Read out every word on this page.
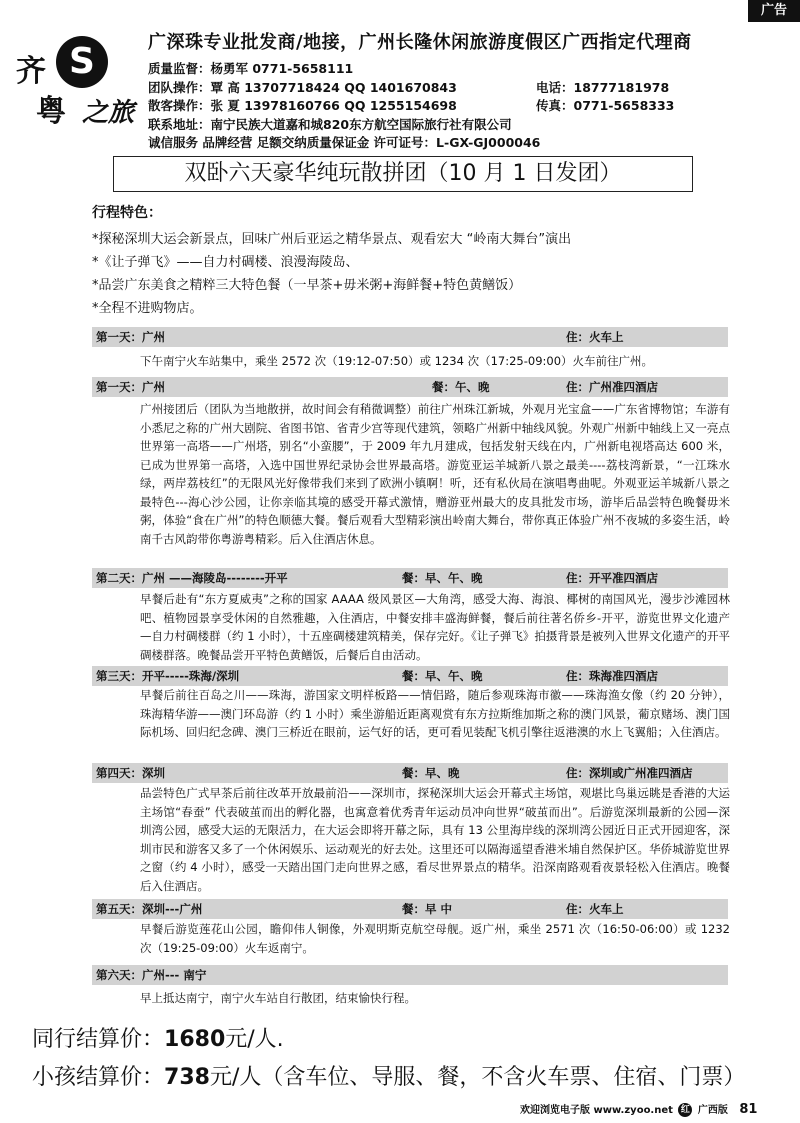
广告
齐 S
粤 之旅
广深珠专业批发商/地接，广州长隆休闲旅游度假区广西指定代理商
质量监督：杨勇军 0771-5658111
团队操作：覃 高 13707718424 QQ 1401670843	电话：18777181978
散客操作：张 夏 13978160766 QQ 1255154698	传真：0771-5658333
联系地址：南宁民族大道嘉和城820东方航空国际旅行社有限公司
诚信服务 品牌经营 足额交纳质量保证金 许可证号：L-GX-GJ000046
双卧六天豪华纯玩散拼团（10 月 1 日发团）
行程特色：
*探秘深圳大运会新景点，回味广州后亚运之精华景点、观看宏大 “岭南大舞台”演出
*《让子弹飞》——自力村碉楼、浪漫海陵岛、
*品尝广东美食之精粹三大特色餐（一早茶+毋米粥+海鲜餐+特色黄鳝饭）
*全程不进购物店。
第一天：广州	住：火车上
下午南宁火车站集中，乘坐 2572 次（19:12-07:50）或 1234 次（17:25-09:00）火车前往广州。
第一天：广州	餐：午、晚	住：广州准四酒店
广州接团后（团队为当地散拼，故时间会有稍微调整）前往广州珠江新城，外观月光宝盒——广东省博物馆；车游有小悉尼之称的广州大剧院、省图书馆、省青少宫等现代建筑，领略广州新中轴线风貌。外观广州新中轴线上又一亮点世界第一高塔——广州塔，别名“小蛮腰”，于 2009 年九月建成，包括发射天线在内，广州新电视塔高达 600 米，已成为世界第一高塔，入选中国世界纪录协会世界最高塔。游览亚运羊城新八景之最美----荔枝湾新景，“一江珠水绿，两岸荔枝红”的无限风光好像带我们来到了欧洲小镇啊！听，还有私伙局在演唱粤曲呢。外观亚运羊城新八景之最特色---海心沙公园，让你亲临其境的感受开幕式激情，赠游亚州最大的皮具批发市场，游毕后品尝特色晚餐毋米粥，体验“食在广州”的特色顺德大餐。餐后观看大型精彩演出岭南大舞台，带你真正体验广州不夜城的多姿生活，岭南千古风韵带你粤游粤精彩。后入住酒店休息。
第二天：广州 ——海陵岛--------开平	餐：早、午、晚	住：开平准四酒店
早餐后赴有“东方夏威夷”之称的国家 AAAA 级风景区—大角湾，感受大海、海浪、椰树的南国风光，漫步沙滩园林吧、植物园景享受休闲的自然雅趣，入住酒店，中餐安排丰盛海鲜餐，餐后前往著名侨乡-开平，游览世界文化遗产—自力村碉楼群（约 1 小时），十五座碉楼建筑精美，保存完好。《让子弹飞》拍摄背景是被列入世界文化遗产的开平碉楼群落。晚餐品尝开平特色黄鳝饭，后餐后自由活动。
第三天：开平-----珠海/深圳	餐：早、午、晚	住：珠海准四酒店
早餐后前往百岛之川——珠海，游国家文明样板路——情侣路，随后参观珠海市徽——珠海渔女像（约 20 分钟），珠海精华游——澳门环岛游（约 1 小时）乘坐游船近距离观赏有东方拉斯维加斯之称的澳门风景，葡京赌场、澳门国际机场、回归纪念碑、澳门三桥近在眼前，运气好的话，更可看见装配飞机引擎往返港澳的水上飞翼船；入住酒店。
第四天：深圳	餐：早、晚	住：深圳或广州准四酒店
品尝特色广式早茶后前往改革开放最前沿——深圳市，探秘深圳大运会开幕式主场馆，观堪比鸟巢远眺是香港的大运主场馆“春蚕” 代表破茧而出的孵化器，也寓意着优秀青年运动员冲向世界“破茧而出”。后游览深圳最新的公园—深圳湾公园，感受大运的无限活力，在大运会即将开幕之际，具有 13 公里海岸线的深圳湾公园近日正式开园迎客，深圳市民和游客又多了一个休闲娱乐、运动观光的好去处。这里还可以隔海遥望香港米埔自然保护区。华侨城游览世界之窗（约 4 小时），感受一天踏出国门走向世界之感，看尽世界景点的精华。沿深南路观看夜景轻松入住酒店。晚餐后入住酒店。
第五天：深圳---广州	餐：早 中	住：火车上
早餐后游览莲花山公园，瞻仰伟人铜像，外观明斯克航空母舰。返广州，乘坐 2571 次（16:50-06:00）或 1232 次（19:25-09:00）火车返南宁。
第六天：广州--- 南宁
早上抵达南宁，南宁火车站自行散团，结束愉快行程。
同行结算价：1680元/人.
小孩结算价：738元/人（含车位、导服、餐，不含火车票、住宿、门票）
欢迎浏览电子版 www.zyoo.net 红 广西版 81
